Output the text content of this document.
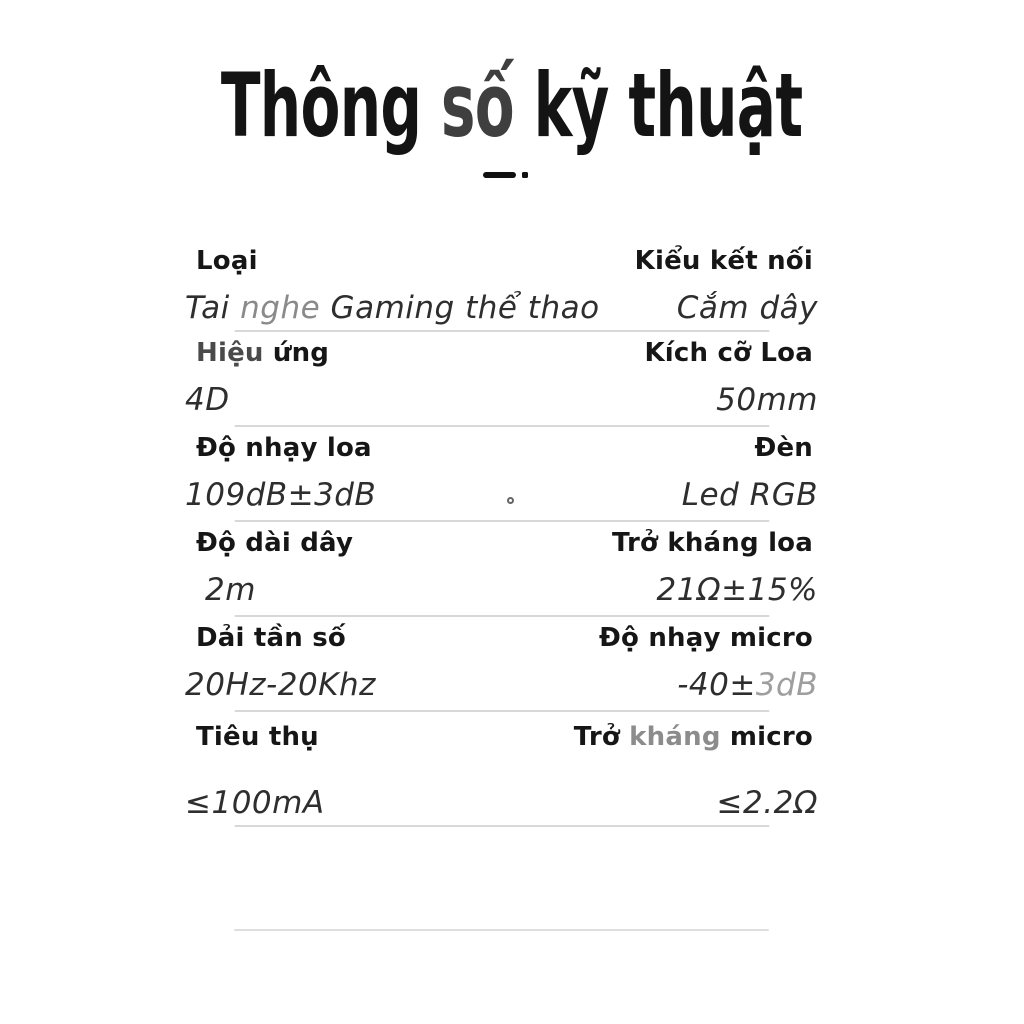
Thông số kỹ thuật
Loại
Tai nghe Gaming thể thao
Kiểu kết nối
Cắm dây
Hiệu ứng
4D
Kích cỡ Loa
50mm
Độ nhạy loa
109dB±3dB
Đèn
Led RGB
Độ dài dây
2m
Trở kháng loa
21Ω±15%
Dải tần số
20Hz-20Khz
Độ nhạy micro
-40±3dB
Tiêu thụ
≤100mA
Trở kháng micro
≤2.2Ω
